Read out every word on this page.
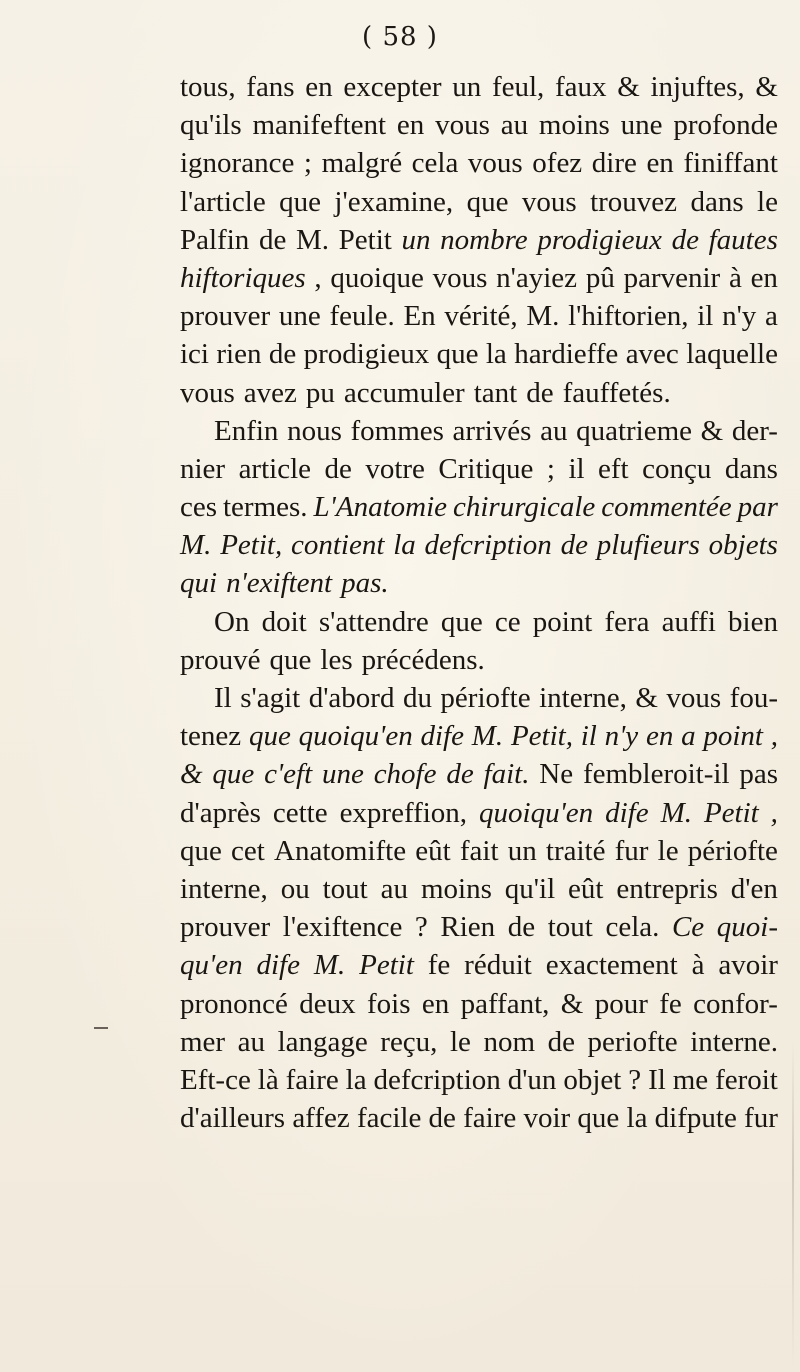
( 58 )
tous, fans en excepter un feul, faux & injuftes, &
qu'ils manifeftent en vous au moins une profonde
ignorance ; malgré cela vous ofez dire en finiffant
l'article que j'examine, que vous trouvez dans le
Palfin de M. Petit un nombre prodigieux de fautes
hiftoriques , quoique vous n'ayiez pû parvenir à en
prouver une feule. En vérité, M. l'hiftorien, il n'y a
ici rien de prodigieux que la hardieffe avec laquelle
vous avez pu accumuler tant de fauffetés.
Enfin nous fommes arrivés au quatrieme & der-
nier article de votre Critique ; il eft conçu dans
ces termes. L'Anatomie chirurgicale commentée par
M. Petit, contient la defcription de plufieurs objets
qui n'exiftent pas.
On doit s'attendre que ce point fera auffi bien
prouvé que les précédens.
Il s'agit d'abord du périofte interne, & vous fou-
tenez que quoiqu'en dife M. Petit, il n'y en a point ,
& que c'eft une chofe de fait. Ne fembleroit-il pas
d'après cette expreffion, quoiqu'en dife M. Petit ,
que cet Anatomifte eût fait un traité fur le périofte
interne, ou tout au moins qu'il eût entrepris d'en
prouver l'exiftence ? Rien de tout cela. Ce quoi-
qu'en dife M. Petit fe réduit exactement à avoir
prononcé deux fois en paffant, & pour fe confor-
mer au langage reçu, le nom de periofte interne.
Eft-ce là faire la defcription d'un objet ? Il me feroit
d'ailleurs affez facile de faire voir que la difpute fur
